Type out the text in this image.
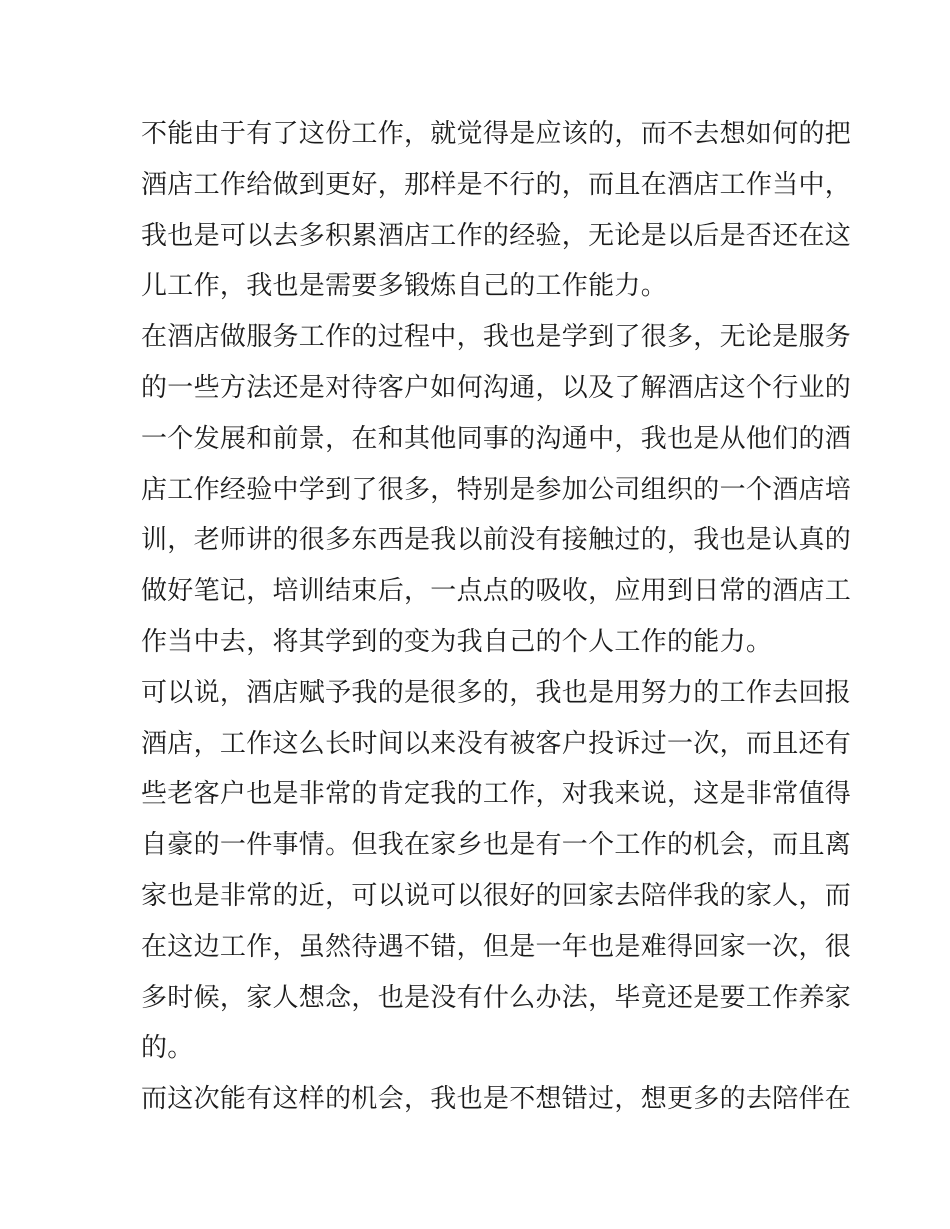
不能由于有了这份工作，就觉得是应该的，而不去想如何的把
酒店工作给做到更好，那样是不行的，而且在酒店工作当中，
我也是可以去多积累酒店工作的经验，无论是以后是否还在这
儿工作，我也是需要多锻炼自己的工作能力。
在酒店做服务工作的过程中，我也是学到了很多，无论是服务
的一些方法还是对待客户如何沟通，以及了解酒店这个行业的
一个发展和前景，在和其他同事的沟通中，我也是从他们的酒
店工作经验中学到了很多，特别是参加公司组织的一个酒店培
训，老师讲的很多东西是我以前没有接触过的，我也是认真的
做好笔记，培训结束后，一点点的吸收，应用到日常的酒店工
作当中去，将其学到的变为我自己的个人工作的能力。
可以说，酒店赋予我的是很多的，我也是用努力的工作去回报
酒店，工作这么长时间以来没有被客户投诉过一次，而且还有
些老客户也是非常的肯定我的工作，对我来说，这是非常值得
自豪的一件事情。但我在家乡也是有一个工作的机会，而且离
家也是非常的近，可以说可以很好的回家去陪伴我的家人，而
在这边工作，虽然待遇不错，但是一年也是难得回家一次，很
多时候，家人想念，也是没有什么办法，毕竟还是要工作养家
的。
而这次能有这样的机会，我也是不想错过，想更多的去陪伴在
